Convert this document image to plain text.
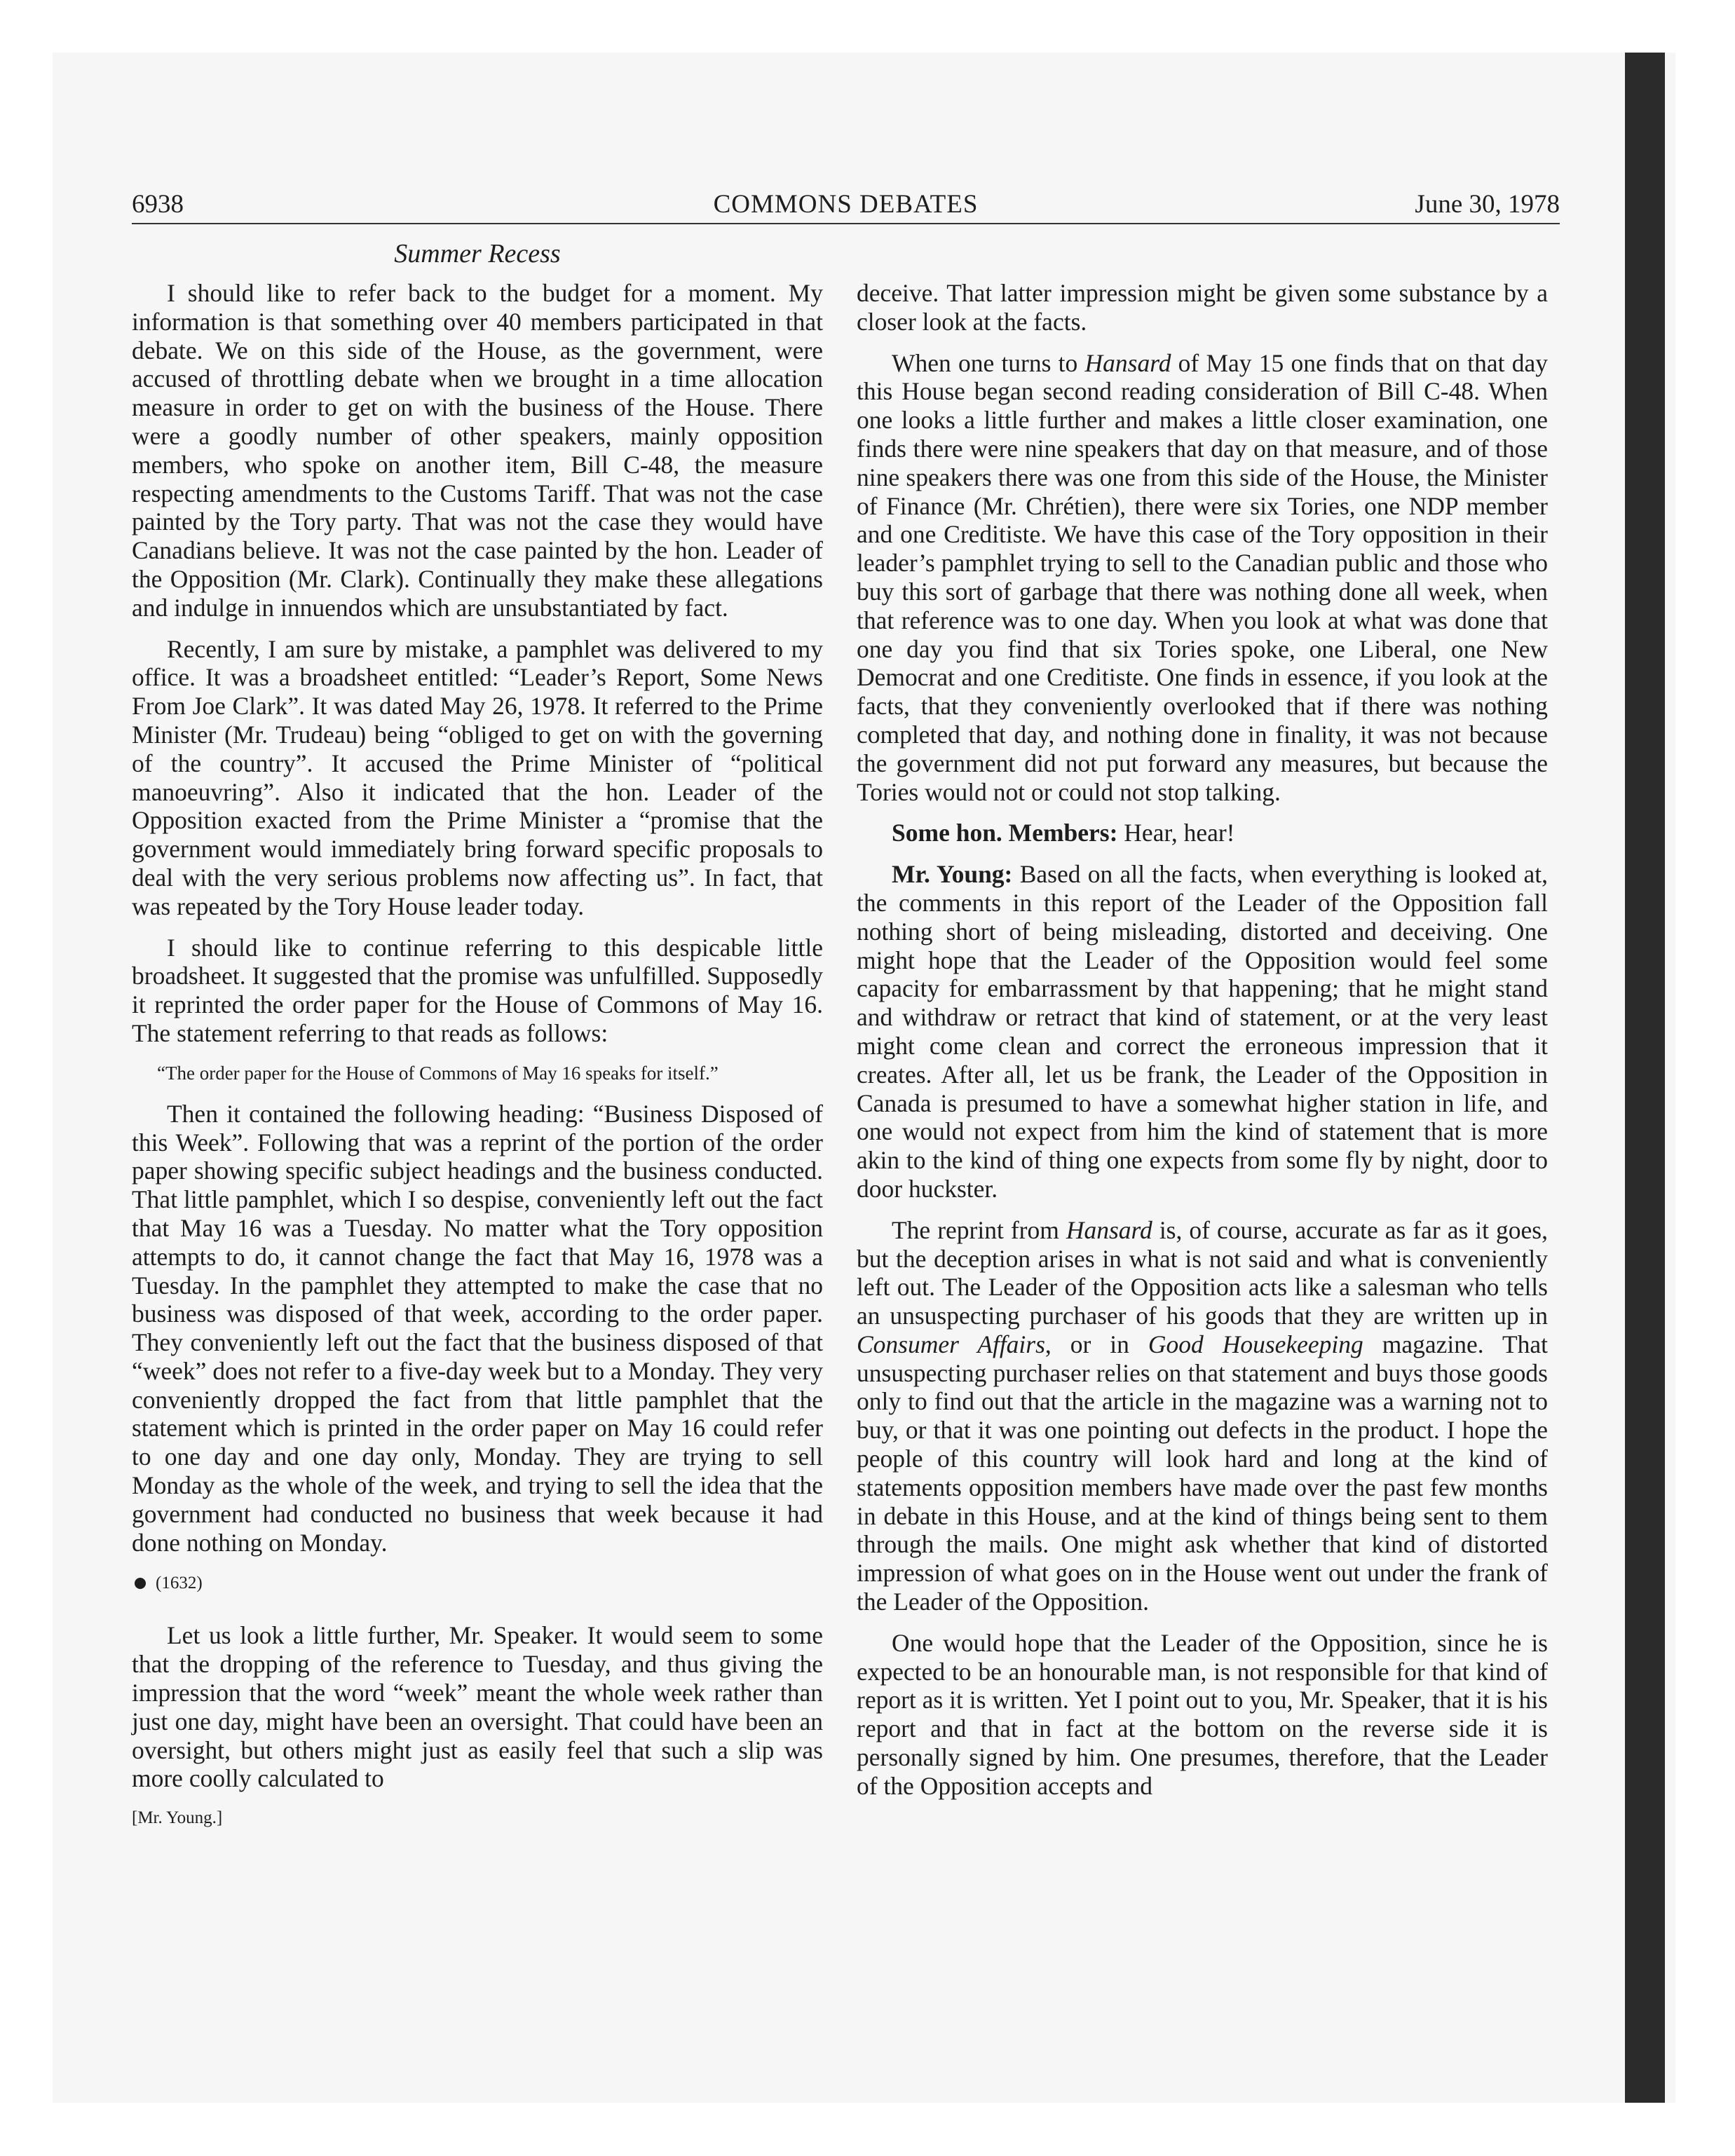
COMMONS DEBATES
6938	June 30, 1978
Summer Recess

I should like to refer back to the budget for a moment. My information is that something over 40 members participated in that debate. We on this side of the House, as the government, were accused of throttling debate when we brought in a time allocation measure in order to get on with the business of the House. There were a goodly number of other speakers, mainly opposition members, who spoke on another item, Bill C-48, the measure respecting amendments to the Customs Tariff. That was not the case painted by the Tory party. That was not the case they would have Canadians believe. It was not the case painted by the hon. Leader of the Opposition (Mr. Clark). Continually they make these allegations and indulge in innuendos which are unsubstantiated by fact.

Recently, I am sure by mistake, a pamphlet was delivered to my office. It was a broadsheet entitled: “Leader’s Report, Some News From Joe Clark”. It was dated May 26, 1978. It referred to the Prime Minister (Mr. Trudeau) being “obliged to get on with the governing of the country”. It accused the Prime Minister of “political manoeuvring”. Also it indicated that the hon. Leader of the Opposition exacted from the Prime Minister a “promise that the government would immediately bring forward specific proposals to deal with the very serious problems now affecting us”. In fact, that was repeated by the Tory House leader today.

I should like to continue referring to this despicable little broadsheet. It suggested that the promise was unfulfilled. Supposedly it reprinted the order paper for the House of Commons of May 16. The statement referring to that reads as follows:

“The order paper for the House of Commons of May 16 speaks for itself.”

Then it contained the following heading: “Business Disposed of this Week”. Following that was a reprint of the portion of the order paper showing specific subject headings and the business conducted. That little pamphlet, which I so despise, conveniently left out the fact that May 16 was a Tuesday. No matter what the Tory opposition attempts to do, it cannot change the fact that May 16, 1978 was a Tuesday. In the pamphlet they attempted to make the case that no business was disposed of that week, according to the order paper. They conveniently left out the fact that the business disposed of that “week” does not refer to a five-day week but to a Monday. They very conveniently dropped the fact from that little pamphlet that the statement which is printed in the order paper on May 16 could refer to one day and one day only, Monday. They are trying to sell Monday as the whole of the week, and trying to sell the idea that the government had conducted no business that week because it had done nothing on Monday.

(1632)

Let us look a little further, Mr. Speaker. It would seem to some that the dropping of the reference to Tuesday, and thus giving the impression that the word “week” meant the whole week rather than just one day, might have been an oversight. That could have been an oversight, but others might just as easily feel that such a slip was more coolly calculated to

[Mr. Young.]

deceive. That latter impression might be given some substance by a closer look at the facts.

When one turns to Hansard of May 15 one finds that on that day this House began second reading consideration of Bill C-48. When one looks a little further and makes a little closer examination, one finds there were nine speakers that day on that measure, and of those nine speakers there was one from this side of the House, the Minister of Finance (Mr. Chrétien), there were six Tories, one NDP member and one Creditiste. We have this case of the Tory opposition in their leader’s pamphlet trying to sell to the Canadian public and those who buy this sort of garbage that there was nothing done all week, when that reference was to one day. When you look at what was done that one day you find that six Tories spoke, one Liberal, one New Democrat and one Creditiste. One finds in essence, if you look at the facts, that they conveniently overlooked that if there was nothing completed that day, and nothing done in finality, it was not because the government did not put forward any measures, but because the Tories would not or could not stop talking.

Some hon. Members: Hear, hear!

Mr. Young: Based on all the facts, when everything is looked at, the comments in this report of the Leader of the Opposition fall nothing short of being misleading, distorted and deceiving. One might hope that the Leader of the Opposition would feel some capacity for embarrassment by that happening; that he might stand and withdraw or retract that kind of statement, or at the very least might come clean and correct the erroneous impression that it creates. After all, let us be frank, the Leader of the Opposition in Canada is presumed to have a somewhat higher station in life, and one would not expect from him the kind of statement that is more akin to the kind of thing one expects from some fly by night, door to door huckster.

The reprint from Hansard is, of course, accurate as far as it goes, but the deception arises in what is not said and what is conveniently left out. The Leader of the Opposition acts like a salesman who tells an unsuspecting purchaser of his goods that they are written up in Consumer Affairs, or in Good Housekeeping magazine. That unsuspecting purchaser relies on that statement and buys those goods only to find out that the article in the magazine was a warning not to buy, or that it was one pointing out defects in the product. I hope the people of this country will look hard and long at the kind of statements opposition members have made over the past few months in debate in this House, and at the kind of things being sent to them through the mails. One might ask whether that kind of distorted impression of what goes on in the House went out under the frank of the Leader of the Opposition.

One would hope that the Leader of the Opposition, since he is expected to be an honourable man, is not responsible for that kind of report as it is written. Yet I point out to you, Mr. Speaker, that it is his report and that in fact at the bottom on the reverse side it is personally signed by him. One presumes, therefore, that the Leader of the Opposition accepts and
